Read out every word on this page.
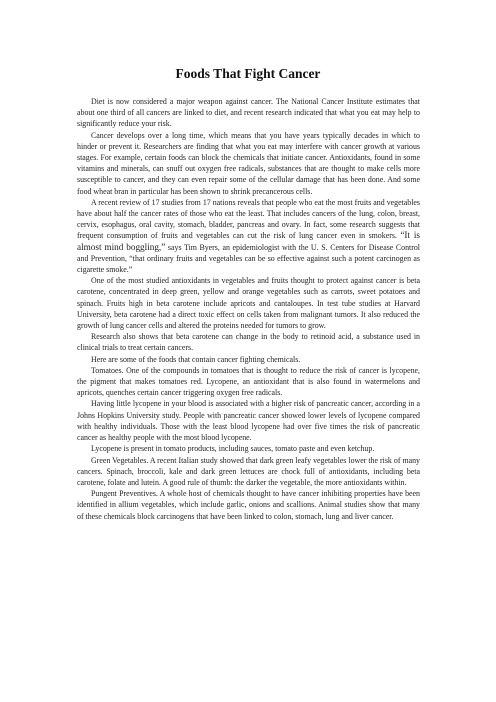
Foods That Fight Cancer

Diet is now considered a major weapon against cancer. The National Cancer Institute estimates that about one third of all cancers are linked to diet, and recent research indicated that what you eat may help to significantly reduce your risk.

Cancer develops over a long time, which means that you have years typically decades in which to hinder or prevent it. Researchers are finding that what you eat may interfere with cancer growth at various stages. For example, certain foods can block the chemicals that initiate cancer. Antioxidants, found in some vitamins and minerals, can snuff out oxygen free radicals, substances that are thought to make cells more susceptible to cancer, and they can even repair some of the cellular damage that has been done. And some food wheat bran in particular has been shown to shrink precancerous cells.

A recent review of 17 studies from 17 nations reveals that people who eat the most fruits and vegetables have about half the cancer rates of those who eat the least. That includes cancers of the lung, colon, breast, cervix, esophagus, oral cavity, stomach, bladder, pancreas and ovary. In fact, some research suggests that frequent consumption of fruits and vegetables can cut the risk of lung cancer even in smokers. “It is almost mind boggling,” says Tim Byers, an epidemiologist with the U. S. Centers for Disease Control and Prevention, “that ordinary fruits and vegetables can be so effective against such a potent carcinogen as cigarette smoke.”

One of the most studied antioxidants in vegetables and fruits thought to protect against cancer is beta carotene, concentrated in deep green, yellow and orange vegetables such as carrots, sweet potatoes and spinach. Fruits high in beta carotene include apricots and cantaloupes. In test tube studies at Harvard University, beta carotene had a direct toxic effect on cells taken from malignant tumors. It also reduced the growth of lung cancer cells and altered the proteins needed for tumors to grow.

Research also shows that beta carotene can change in the body to retinoid acid, a substance used in clinical trials to treat certain cancers.

Here are some of the foods that contain cancer fighting chemicals.

Tomatoes. One of the compounds in tomatoes that is thought to reduce the risk of cancer is lycopene, the pigment that makes tomatoes red. Lycopene, an antioxidant that is also found in watermelons and apricots, quenches certain cancer triggering oxygen free radicals.

Having little lycopene in your blood is associated with a higher risk of pancreatic cancer, according in a Johns Hopkins University study. People with pancreatic cancer showed lower levels of lycopene compared with healthy individuals. Those with the least blood lycopene had over five times the risk of pancreatic cancer as healthy people with the most blood lycopene.

Lycopene is present in tomato products, including sauces, tomato paste and even ketchup.

Green Vegetables. A recent Italian study showed that dark green leafy vegetables lower the risk of many cancers. Spinach, broccoli, kale and dark green lettuces are chock full of antioxidants, including beta carotene, folate and lutein. A good rule of thumb: the darker the vegetable, the more antioxidants within.

Pungent Preventives. A whole host of chemicals thought to have cancer inhibiting properties have been identified in allium vegetables, which include garlic, onions and scallions. Animal studies show that many of these chemicals block carcinogens that have been linked to colon, stomach, lung and liver cancer.
